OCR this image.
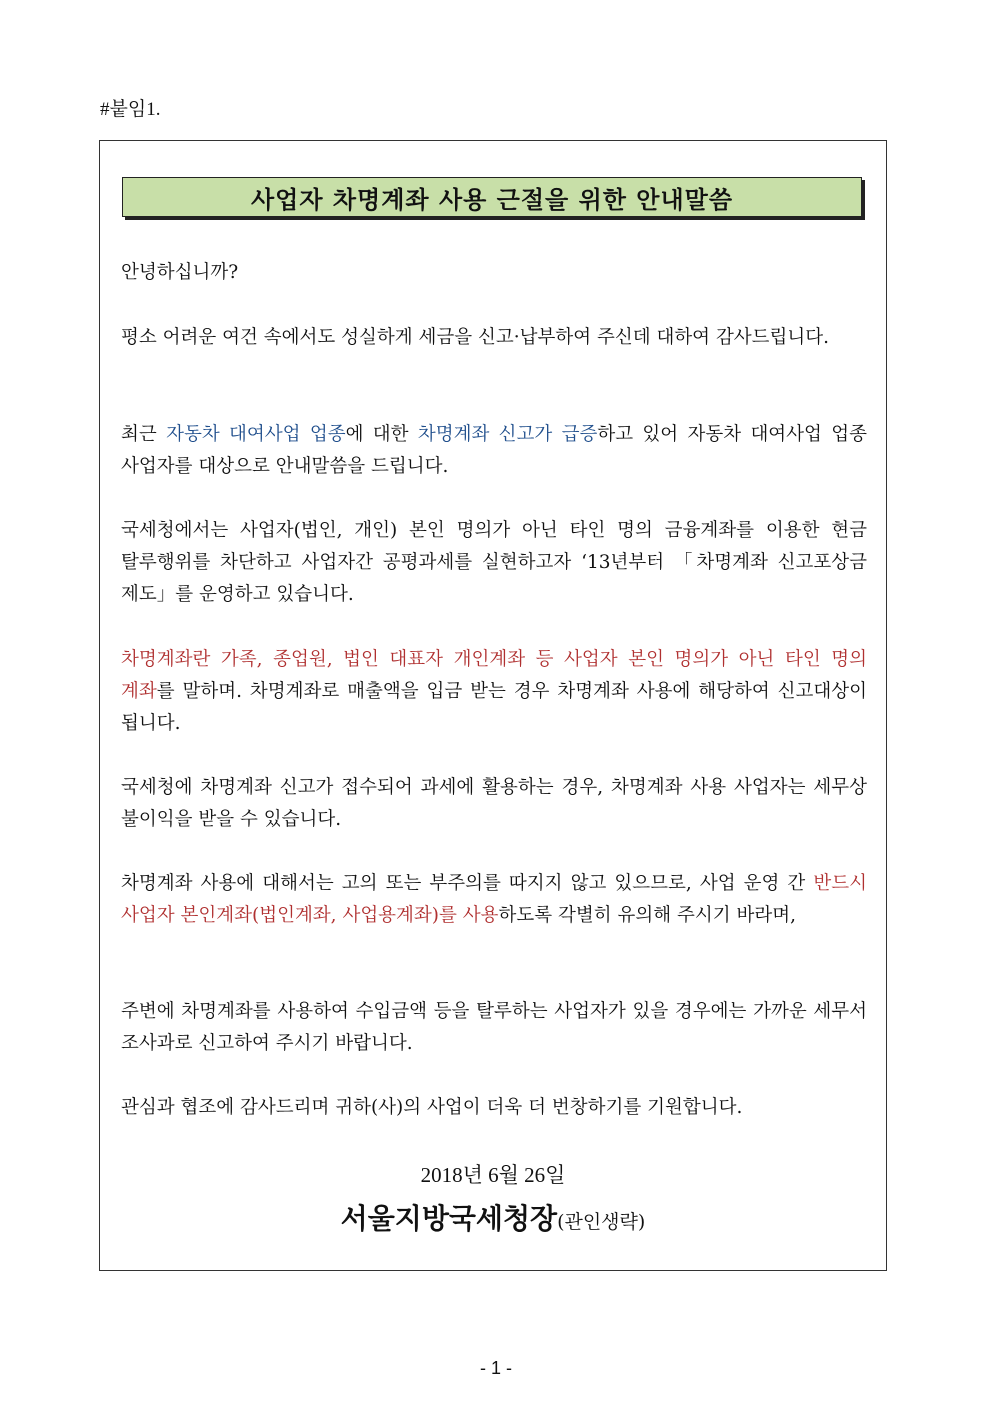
#붙임1.
사업자 차명계좌 사용 근절을 위한 안내말씀
안녕하십니까?
평소 어려운 여건 속에서도 성실하게 세금을 신고·납부하여 주신데 대하여 감사드립니다.
최근 자동차 대여사업 업종에 대한 차명계좌 신고가 급증하고 있어 자동차 대여사업 업종 사업자를 대상으로 안내말씀을 드립니다.
국세청에서는 사업자(법인, 개인) 본인 명의가 아닌 타인 명의 금융계좌를 이용한 현금 탈루행위를 차단하고 사업자간 공평과세를 실현하고자 ‘13년부터 「차명계좌 신고포상금 제도」를 운영하고 있습니다.
차명계좌란 가족, 종업원, 법인 대표자 개인계좌 등 사업자 본인 명의가 아닌 타인 명의 계좌를 말하며. 차명계좌로 매출액을 입금 받는 경우 차명계좌 사용에 해당하여 신고대상이 됩니다.
국세청에 차명계좌 신고가 접수되어 과세에 활용하는 경우, 차명계좌 사용 사업자는 세무상 불이익을 받을 수 있습니다.
차명계좌 사용에 대해서는 고의 또는 부주의를 따지지 않고 있으므로, 사업 운영 간 반드시 사업자 본인계좌(법인계좌, 사업용계좌)를 사용하도록 각별히 유의해 주시기 바라며,
주변에 차명계좌를 사용하여 수입금액 등을 탈루하는 사업자가 있을 경우에는 가까운 세무서 조사과로 신고하여 주시기 바랍니다.
관심과 협조에 감사드리며 귀하(사)의 사업이 더욱 더 번창하기를 기원합니다.
2018년 6월 26일
서울지방국세청장(관인생략)
- 1 -
